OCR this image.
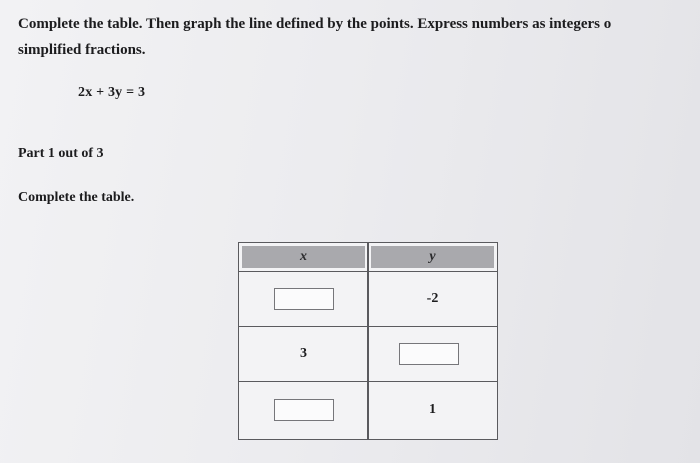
Complete the table. Then graph the line defined by the points. Express numbers as integers o
simplified fractions.
2x + 3y = 3
Part 1 out of 3
Complete the table.
x	y
-2
3
1
